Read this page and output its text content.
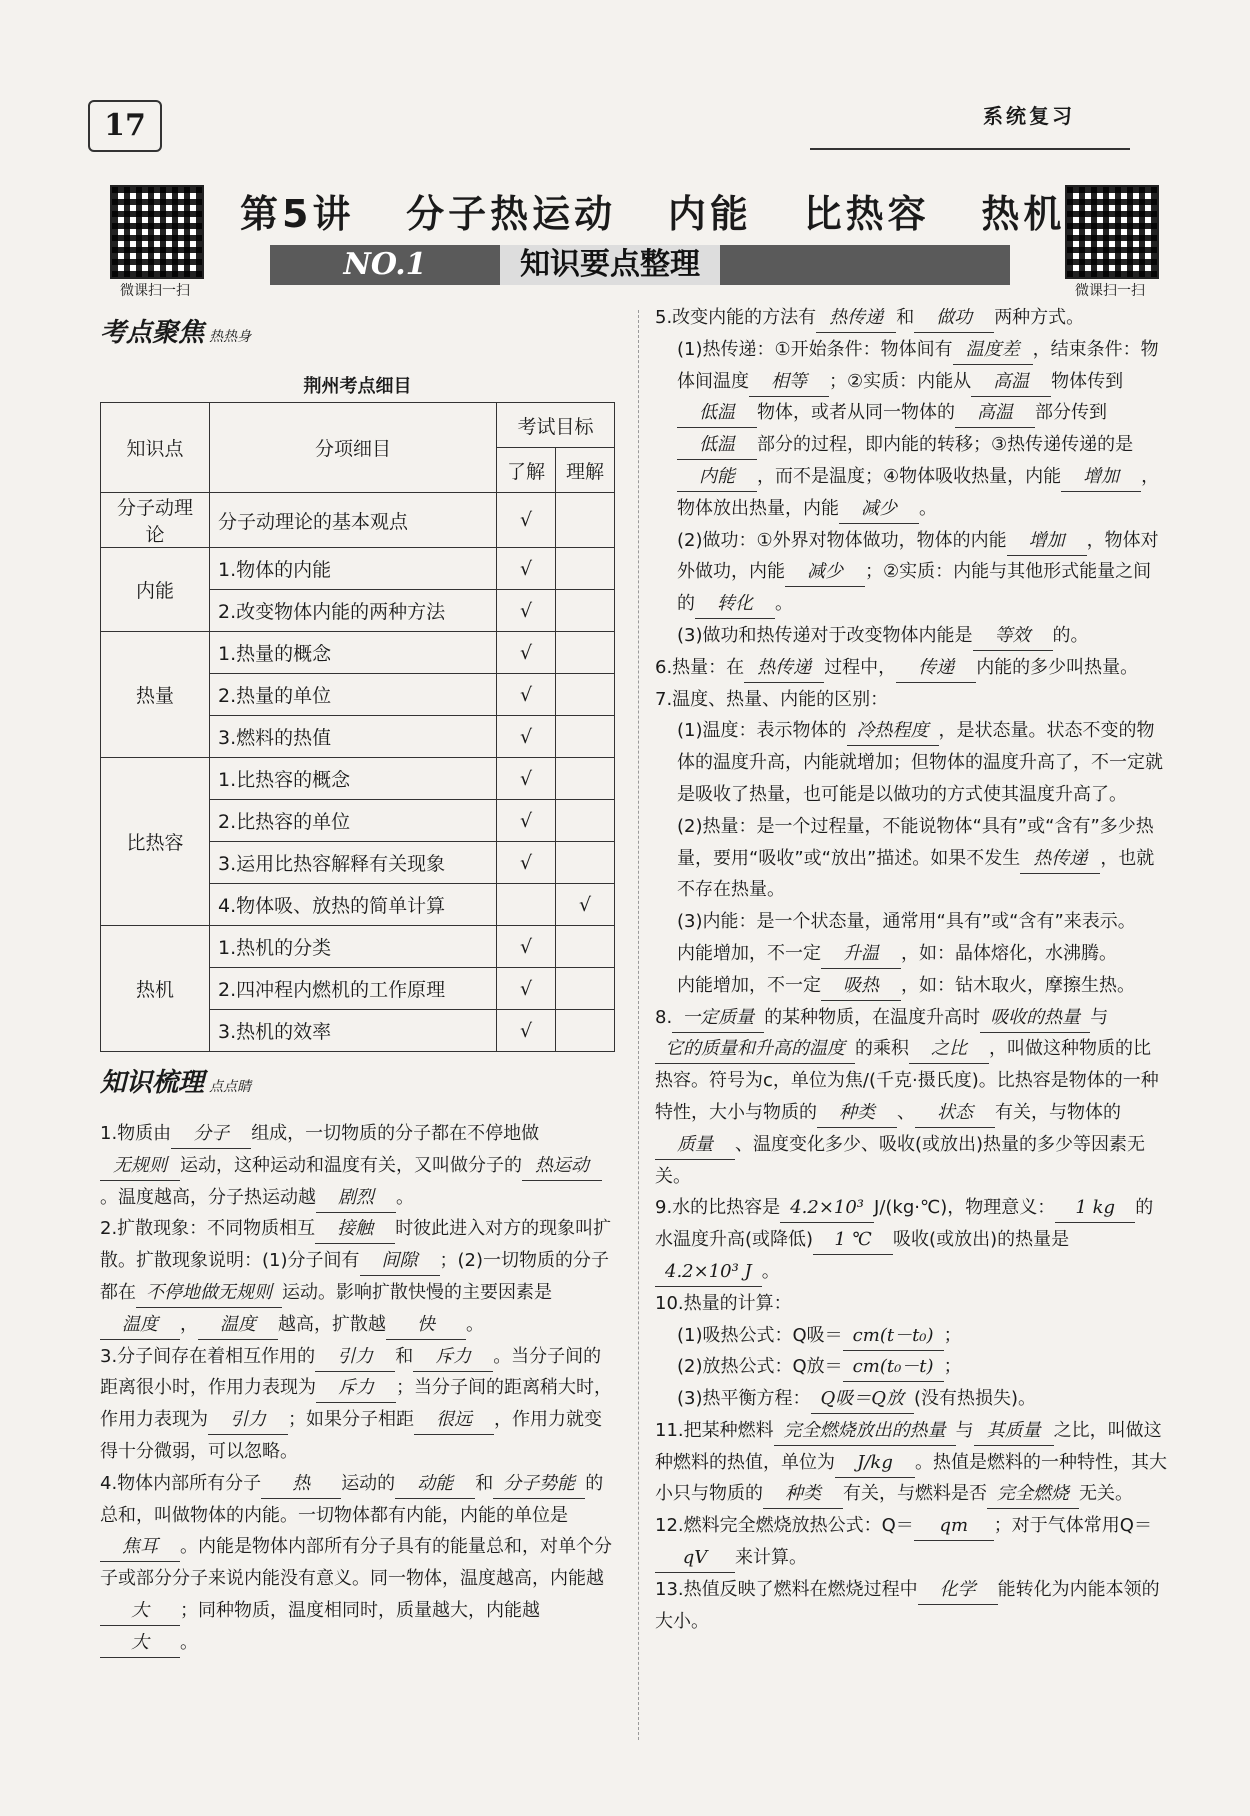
17	系统复习
微课扫一扫	微课扫一扫
第5讲 分子热运动 内能 比热容 热机
NO.1	知识要点整理
考点聚焦 热热身
荆州考点细目
知识点	分项细目	考试目标	
		了解	理解
分子动理论	分子动理论的基本观点	√	
内能	1.物体的内能	√	
	2.改变物体内能的两种方法	√	
热量	1.热量的概念	√	
	2.热量的单位	√	
	3.燃料的热值	√	
比热容	1.比热容的概念	√	
	2.比热容的单位	√	
	3.运用比热容解释有关现象	√	
	4.物体吸、放热的简单计算		√
热机	1.热机的分类	√	
	2.四冲程内燃机的工作原理	√	
	3.热机的效率	√	
知识梳理 点点睛

1.物质由 分子 组成，一切物质的分子都在不停地做无规则 运动，这种运动和温度有关，又叫做分子的 热运动。温度越高，分子热运动越 剧烈 。

2.扩散现象：不同物质相互 接触 时彼此进入对方的现象叫扩散。扩散现象说明：(1)分子间有 间隙 ；(2)一切物质的分子都在 不停地做无规则 运动。影响扩散快慢的主要因素是温度 ， 温度 越高，扩散越 快 。

3.分子间存在着相互作用的 引力 和 斥力 。当分子间的距离很小时，作用力表现为 斥力 ；当分子间的距离稍大时，作用力表现为 引力 ；如果分子相距 很远 ，作用力就变得十分微弱，可以忽略。

4.物体内部所有分子 热 运动的 动能 和 分子势能 的总和，叫做物体的内能。一切物体都有内能，内能的单位是焦耳 。内能是物体内部所有分子具有的能量总和，对单个分子或部分分子来说内能没有意义。同一物体，温度越高，内能越大 ；同种物质，温度相同时，质量越大，内能越大 。

5.改变内能的方法有 热传递 和 做功 两种方式。

(1)热传递：①开始条件：物体间有 温度差 ，结束条件：物体间温度 相等 ；②实质：内能从 高温 物体传到低温 物体，或者从同一物体的 高温 部分传到低温 部分的过程，即内能的转移；③热传递传递的是内能 ，而不是温度；④物体吸收热量，内能 增加 ，物体放出热量，内能 减少 。

(2)做功：①外界对物体做功，物体的内能 增加 ，物体对外做功，内能 减少 ；②实质：内能与其他形式能量之间的 转化 。

(3)做功和热传递对于改变物体内能是 等效 的。

6.热量：在 热传递 过程中， 传递 内能的多少叫热量。

7.温度、热量、内能的区别：

(1)温度：表示物体的 冷热程度 ，是状态量。状态不变的物体的温度升高，内能就增加；但物体的温度升高了，不一定就是吸收了热量，也可能是以做功的方式使其温度升高了。

(2)热量：是一个过程量，不能说物体“具有”或“含有”多少热量，要用“吸收”或“放出”描述。如果不发生 热传递 ，也就不存在热量。

(3)内能：是一个状态量，通常用“具有”或“含有”来表示。

内能增加，不一定 升温 ，如：晶体熔化，水沸腾。

内能增加，不一定 吸热 ，如：钻木取火，摩擦生热。

8. 一定质量 的某种物质，在温度升高时 吸收的热量 与它的质量和升高的温度 的乘积 之比 ，叫做这种物质的比热容。符号为c，单位为焦/(千克·摄氏度)。比热容是物体的一种特性，大小与物质的 种类 、 状态 有关，与物体的质量 、温度变化多少、吸收(或放出)热量的多少等因素无关。

9.水的比热容是 4.2×10³ J/(kg·℃)，物理意义： 1 kg 的水温度升高(或降低) 1 ℃ 吸收(或放出)的热量是4.2×10³ J 。

10.热量的计算：

(1)吸热公式：Q吸＝ cm(t－t₀) ；

(2)放热公式：Q放＝ cm(t₀－t) ；

(3)热平衡方程： Q吸＝Q放 (没有热损失)。

11.把某种燃料 完全燃烧放出的热量 与 其质量 之比，叫做这种燃料的热值，单位为 J/kg 。热值是燃料的一种特性，其大小只与物质的 种类 有关，与燃料是否 完全燃烧 无关。

12.燃料完全燃烧放热公式：Q＝ qm ；对于气体常用Q＝qV 来计算。

13.热值反映了燃料在燃烧过程中 化学 能转化为内能本领的大小。
